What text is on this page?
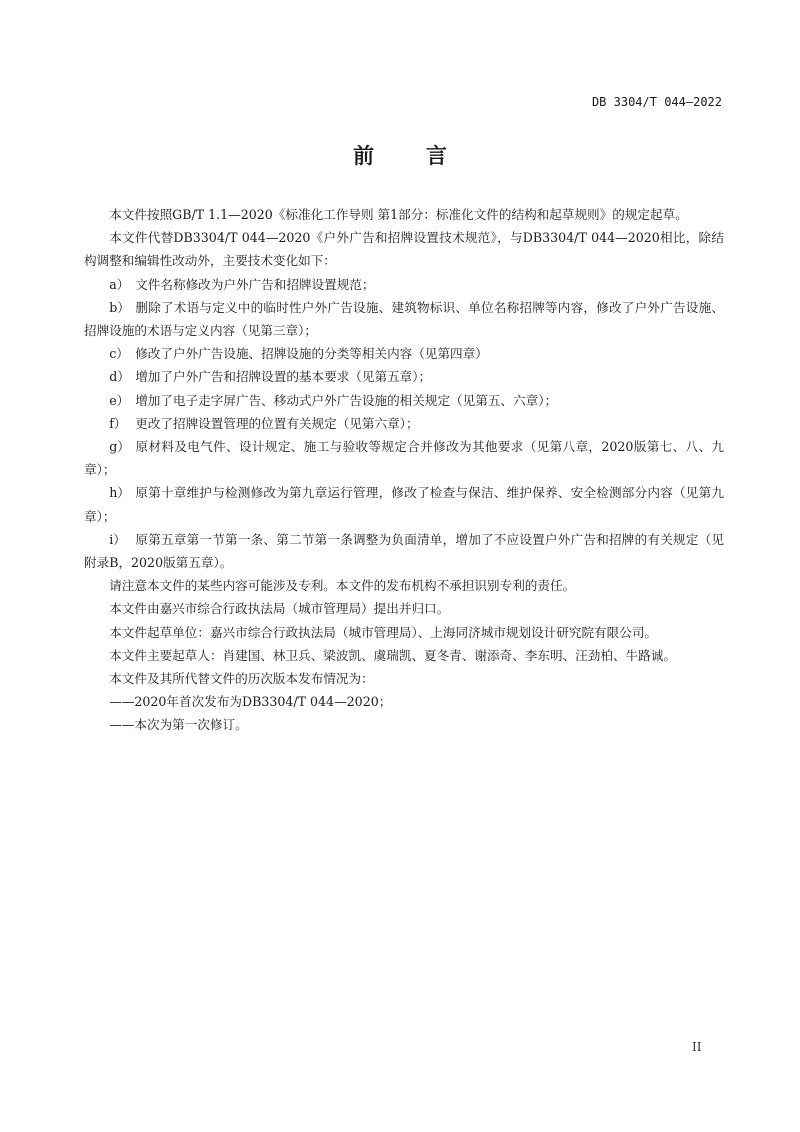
DB 3304/T 044—2022
前 言

本文件按照GB/T 1.1—2020《标准化工作导则 第1部分：标准化文件的结构和起草规则》的规定起草。

本文件代替DB3304/T 044—2020《户外广告和招牌设置技术规范》，与DB3304/T 044—2020相比，除结构调整和编辑性改动外，主要技术变化如下：

a） 文件名称修改为户外广告和招牌设置规范；

b） 删除了术语与定义中的临时性户外广告设施、建筑物标识、单位名称招牌等内容，修改了户外广告设施、招牌设施的术语与定义内容（见第三章）；

c） 修改了户外广告设施、招牌设施的分类等相关内容（见第四章）

d） 增加了户外广告和招牌设置的基本要求（见第五章）；

e） 增加了电子走字屏广告、移动式户外广告设施的相关规定（见第五、六章）；

f） 更改了招牌设置管理的位置有关规定（见第六章）；

g） 原材料及电气件、设计规定、施工与验收等规定合并修改为其他要求（见第八章，2020版第七、八、九章）；

h） 原第十章维护与检测修改为第九章运行管理，修改了检查与保洁、维护保养、安全检测部分内容（见第九章）；

i） 原第五章第一节第一条、第二节第一条调整为负面清单，增加了不应设置户外广告和招牌的有关规定（见附录B，2020版第五章）。

请注意本文件的某些内容可能涉及专利。本文件的发布机构不承担识别专利的责任。

本文件由嘉兴市综合行政执法局（城市管理局）提出并归口。

本文件起草单位：嘉兴市综合行政执法局（城市管理局）、上海同济城市规划设计研究院有限公司。

本文件主要起草人：肖建国、林卫兵、梁波凯、虞瑞凯、夏冬青、谢添奇、李东明、汪劲柏、牛路诚。

本文件及其所代替文件的历次版本发布情况为：

——2020年首次发布为DB3304/T 044—2020；

——本次为第一次修订。

II
